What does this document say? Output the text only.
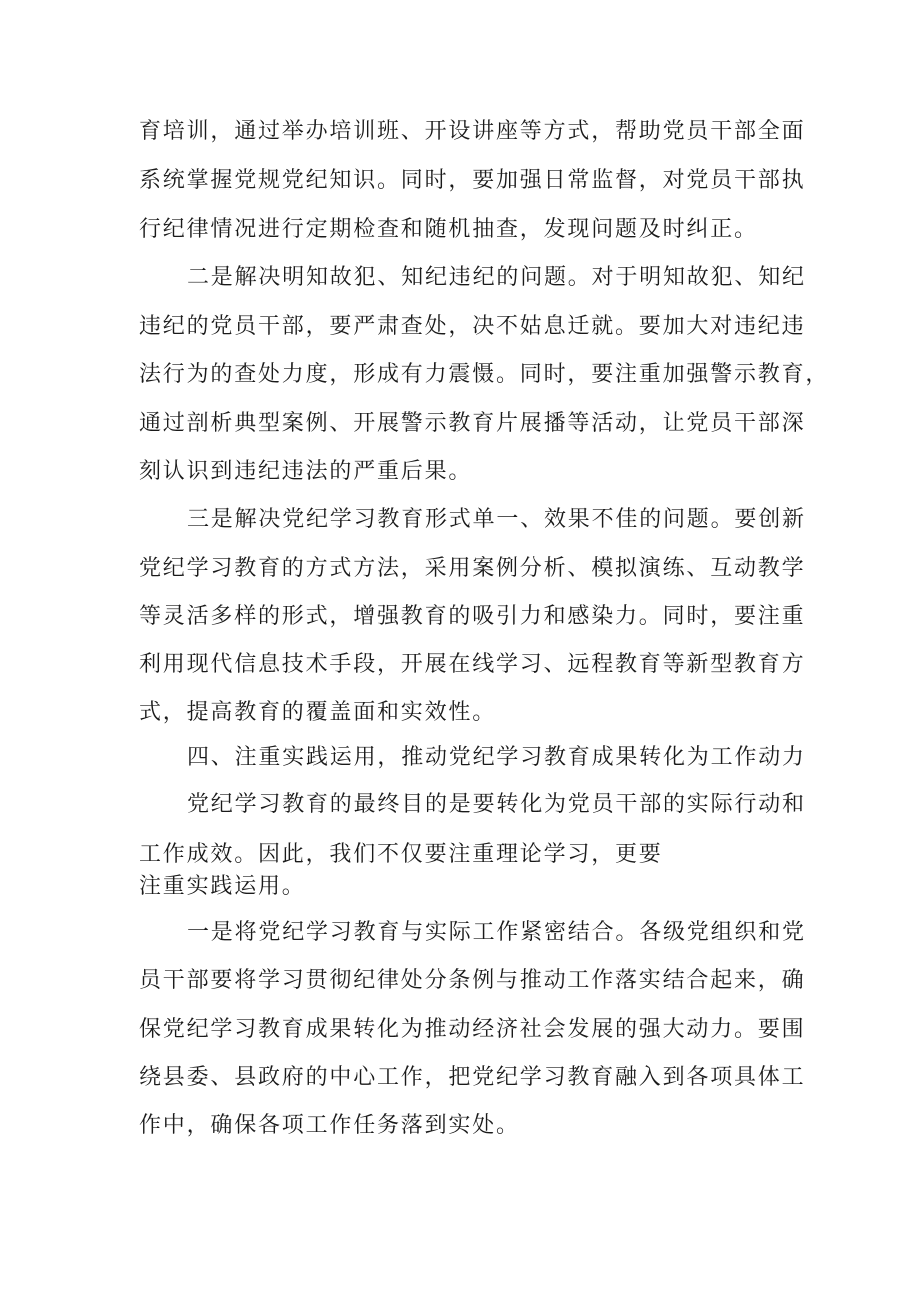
育培训，通过举办培训班、开设讲座等方式，帮助党员干部全面
系统掌握党规党纪知识。同时，要加强日常监督，对党员干部执
行纪律情况进行定期检查和随机抽查，发现问题及时纠正。
二是解决明知故犯、知纪违纪的问题。对于明知故犯、知纪
违纪的党员干部，要严肃查处，决不姑息迁就。要加大对违纪违
法行为的查处力度，形成有力震慑。同时，要注重加强警示教育，
通过剖析典型案例、开展警示教育片展播等活动，让党员干部深
刻认识到违纪违法的严重后果。
三是解决党纪学习教育形式单一、效果不佳的问题。要创新
党纪学习教育的方式方法，采用案例分析、模拟演练、互动教学
等灵活多样的形式，增强教育的吸引力和感染力。同时，要注重
利用现代信息技术手段，开展在线学习、远程教育等新型教育方
式，提高教育的覆盖面和实效性。
四、注重实践运用，推动党纪学习教育成果转化为工作动力
党纪学习教育的最终目的是要转化为党员干部的实际行动和
工作成效。因此，我们不仅要注重理论学习，更要
注重实践运用。
一是将党纪学习教育与实际工作紧密结合。各级党组织和党
员干部要将学习贯彻纪律处分条例与推动工作落实结合起来，确
保党纪学习教育成果转化为推动经济社会发展的强大动力。要围
绕县委、县政府的中心工作，把党纪学习教育融入到各项具体工
作中，确保各项工作任务落到实处。
